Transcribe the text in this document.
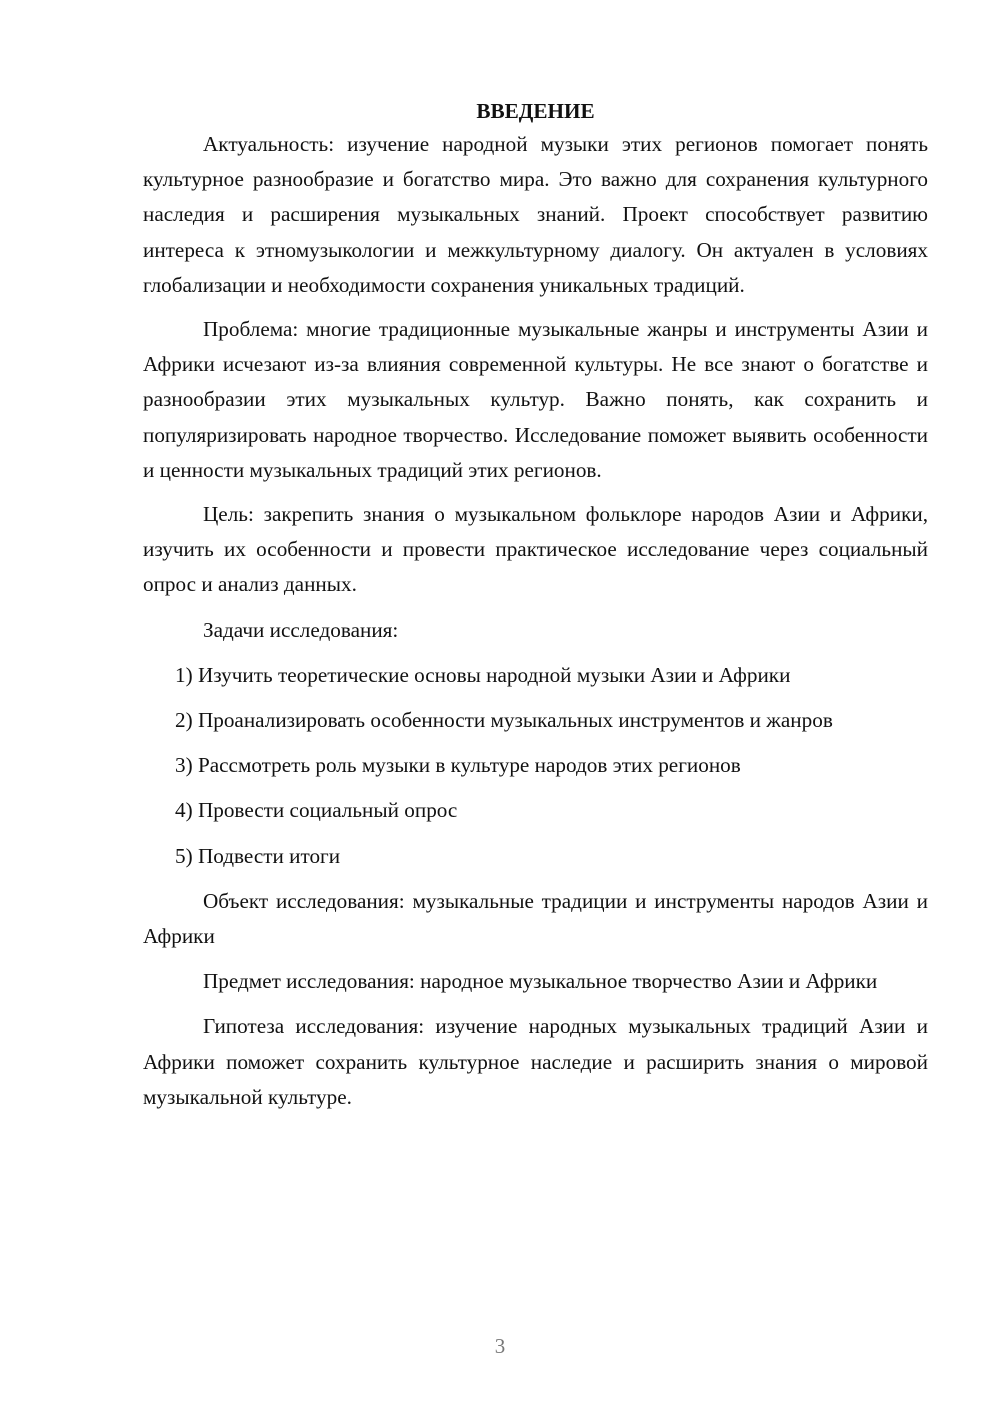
ВВЕДЕНИЕ

Актуальность: изучение народной музыки этих регионов помогает понять культурное разнообразие и богатство мира. Это важно для сохранения культурного наследия и расширения музыкальных знаний. Проект способствует развитию интереса к этномузыкологии и межкультурному диалогу. Он актуален в условиях глобализации и необходимости сохранения уникальных традиций.

Проблема: многие традиционные музыкальные жанры и инструменты Азии и Африки исчезают из-за влияния современной культуры. Не все знают о богатстве и разнообразии этих музыкальных культур. Важно понять, как сохранить и популяризировать народное творчество. Исследование поможет выявить особенности и ценности музыкальных традиций этих регионов.

Цель: закрепить знания о музыкальном фольклоре народов Азии и Африки, изучить их особенности и провести практическое исследование через социальный опрос и анализ данных.

Задачи исследования:

1) Изучить теоретические основы народной музыки Азии и Африки

2) Проанализировать особенности музыкальных инструментов и жанров

3) Рассмотреть роль музыки в культуре народов этих регионов

4) Провести социальный опрос

5) Подвести итоги

Объект исследования: музыкальные традиции и инструменты народов Азии и Африки

Предмет исследования: народное музыкальное творчество Азии и Африки

Гипотеза исследования: изучение народных музыкальных традиций Азии и Африки поможет сохранить культурное наследие и расширить знания о мировой музыкальной культуре.

3
